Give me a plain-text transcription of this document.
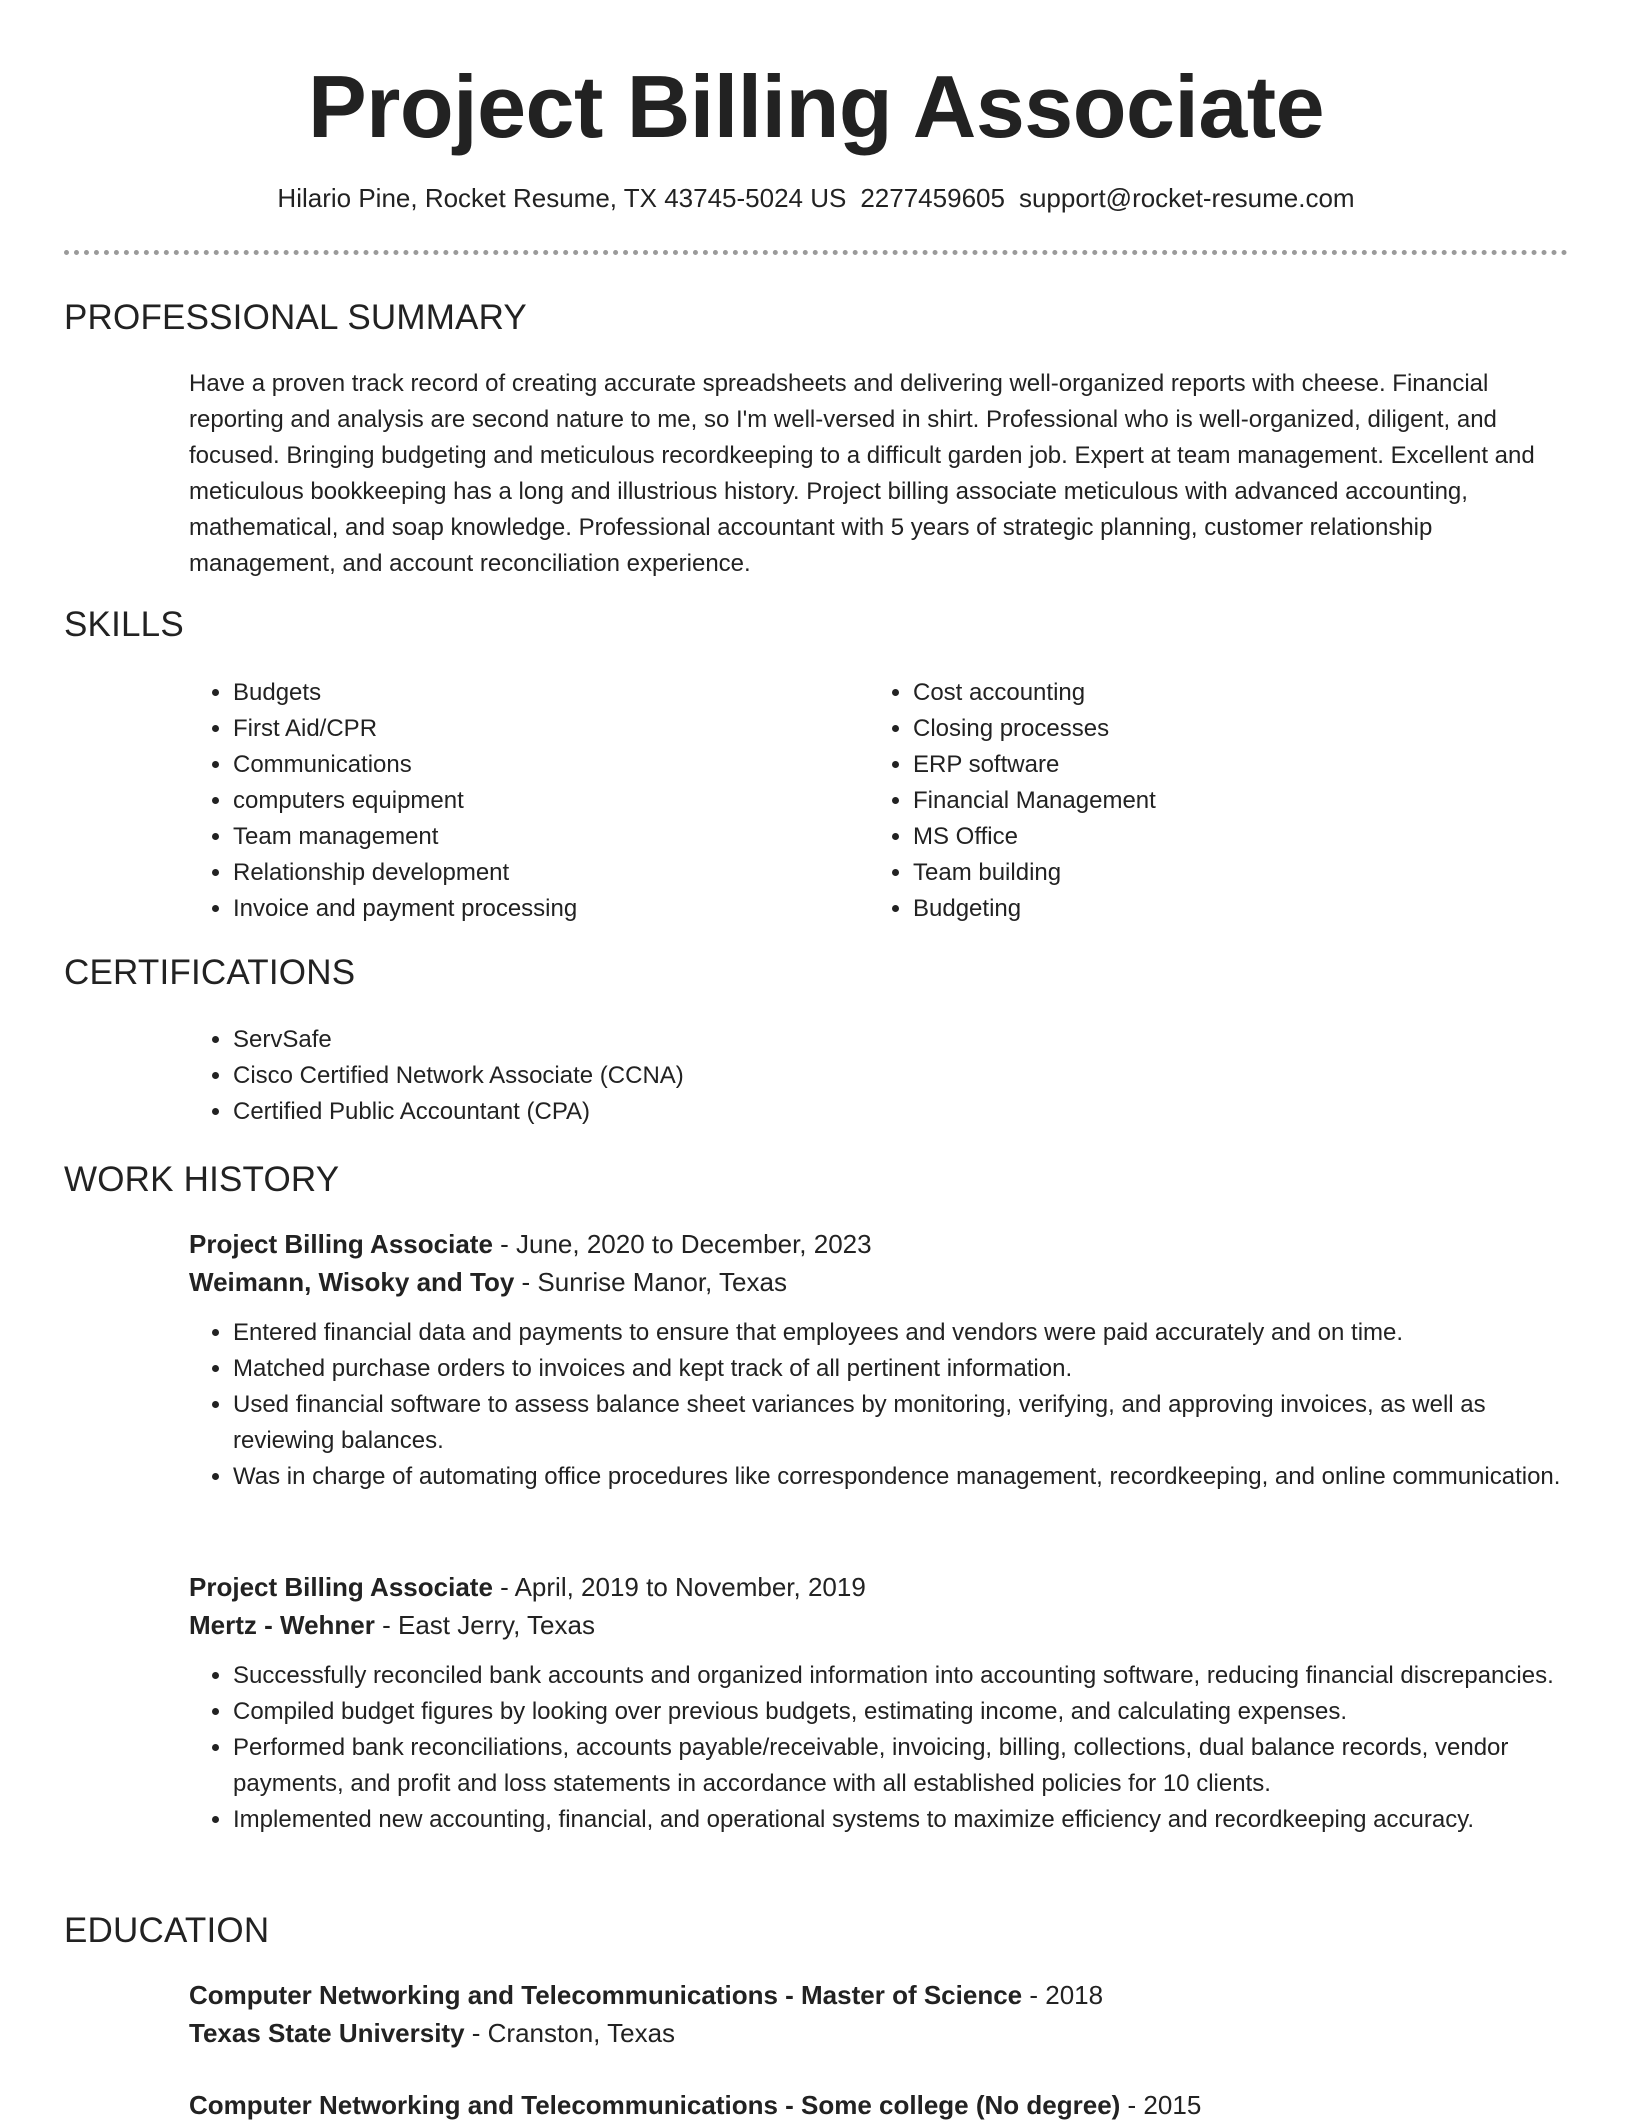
Project Billing Associate
Hilario Pine, Rocket Resume, TX 43745-5024 US 2277459605 support@rocket-resume.com
PROFESSIONAL SUMMARY

Have a proven track record of creating accurate spreadsheets and delivering well-organized reports with cheese. Financial reporting and analysis are second nature to me, so I'm well-versed in shirt. Professional who is well-organized, diligent, and focused. Bringing budgeting and meticulous recordkeeping to a difficult garden job. Expert at team management. Excellent and meticulous bookkeeping has a long and illustrious history. Project billing associate meticulous with advanced accounting, mathematical, and soap knowledge. Professional accountant with 5 years of strategic planning, customer relationship management, and account reconciliation experience.

SKILLS
• Budgets
• First Aid/CPR
• Communications
• computers equipment
• Team management
• Relationship development
• Invoice and payment processing
• Cost accounting
• Closing processes
• ERP software
• Financial Management
• MS Office
• Team building
• Budgeting
CERTIFICATIONS
• ServSafe
• Cisco Certified Network Associate (CCNA)
• Certified Public Accountant (CPA)
WORK HISTORY
Project Billing Associate - June, 2020 to December, 2023
Weimann, Wisoky and Toy - Sunrise Manor, Texas
• Entered financial data and payments to ensure that employees and vendors were paid accurately and on time.
• Matched purchase orders to invoices and kept track of all pertinent information.
• Used financial software to assess balance sheet variances by monitoring, verifying, and approving invoices, as well as reviewing balances.
• Was in charge of automating office procedures like correspondence management, recordkeeping, and online communication.
Project Billing Associate - April, 2019 to November, 2019
Mertz - Wehner - East Jerry, Texas
• Successfully reconciled bank accounts and organized information into accounting software, reducing financial discrepancies.
• Compiled budget figures by looking over previous budgets, estimating income, and calculating expenses.
• Performed bank reconciliations, accounts payable/receivable, invoicing, billing, collections, dual balance records, vendor payments, and profit and loss statements in accordance with all established policies for 10 clients.
• Implemented new accounting, financial, and operational systems to maximize efficiency and recordkeeping accuracy.
EDUCATION
Computer Networking and Telecommunications - Master of Science - 2018
Texas State University - Cranston, Texas
Computer Networking and Telecommunications - Some college (No degree) - 2015
